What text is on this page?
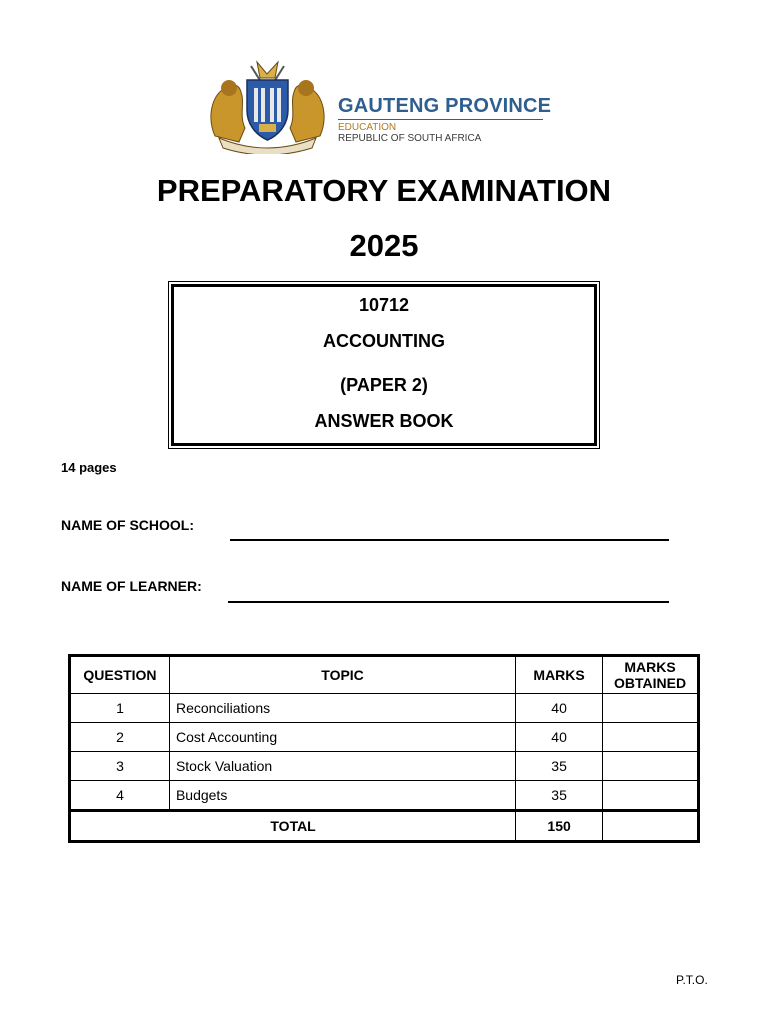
GAUTENG PROVINCE
EDUCATION
REPUBLIC OF SOUTH AFRICA
PREPARATORY EXAMINATION
2025
10712
ACCOUNTING
(PAPER 2)
ANSWER BOOK
14 pages
NAME OF SCHOOL:
NAME OF LEARNER:
QUESTION	TOPIC	MARKS	MARKS OBTAINED
1	Reconciliations	40	
2	Cost Accounting	40	
3	Stock Valuation	35	
4	Budgets	35	
TOTAL		150	
P.T.O.
